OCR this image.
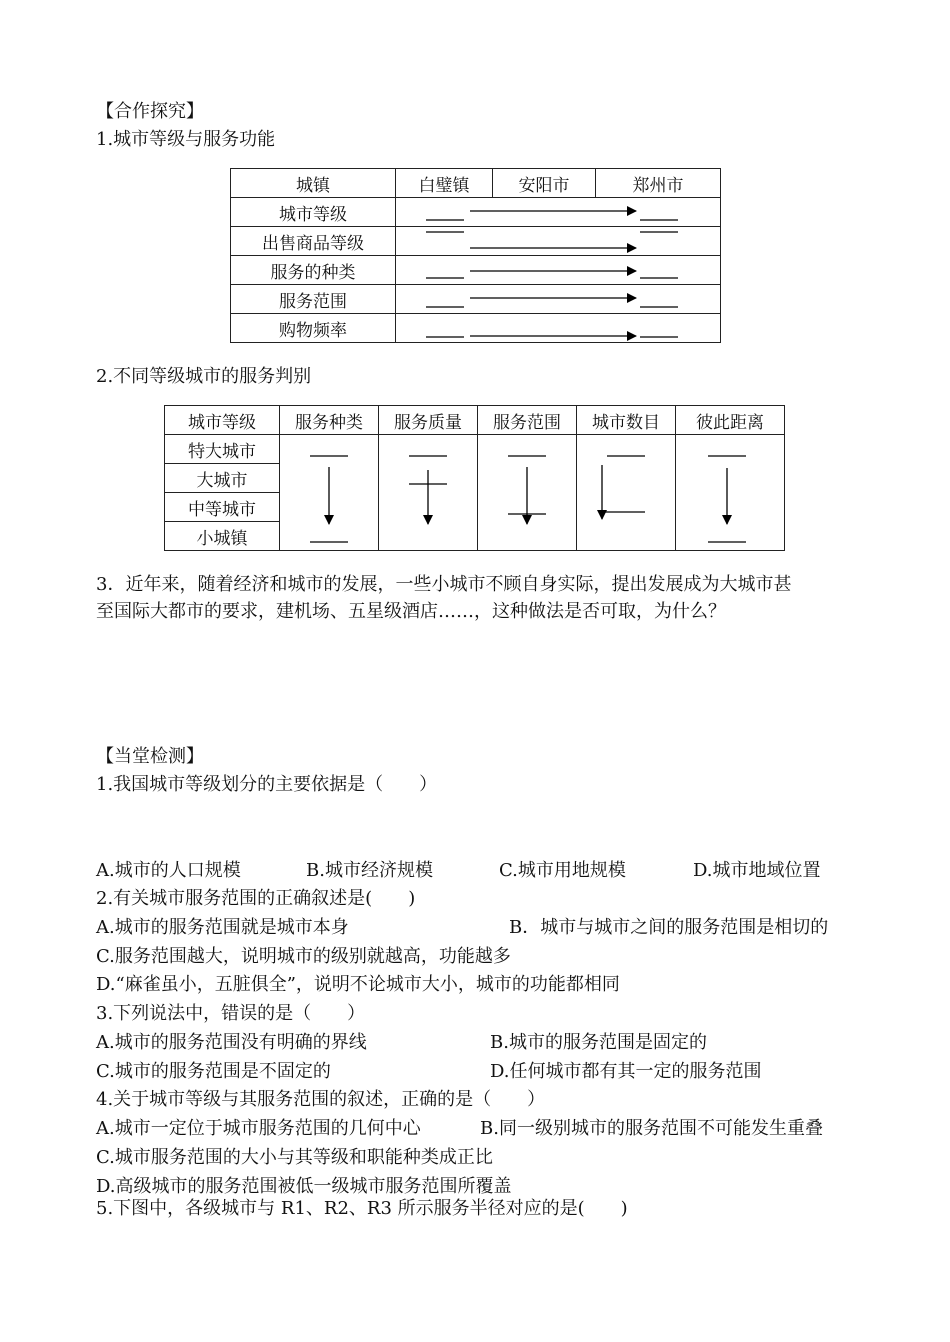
【合作探究】
1.城市等级与服务功能
城镇	白璧镇	安阳市	郑州市
城市等级			
出售商品等级			
服务的种类			
服务范围			
购物频率			
2.不同等级城市的服务判别
城市等级	服务种类	服务质量	服务范围	城市数目	彼此距离
特大城市					
大城市					
中等城市					
小城镇					
3．近年来，随着经济和城市的发展，一些小城市不顾自身实际，提出发展成为大城市甚
至国际大都市的要求，建机场、五星级酒店……，这种做法是否可取，为什么？
【当堂检测】
1.我国城市等级划分的主要依据是（　　）
A.城市的人口规模	B.城市经济规模	C.城市用地规模	D.城市地域位置
2.有关城市服务范围的正确叙述是(　　)
A.城市的服务范围就是城市本身	B．城市与城市之间的服务范围是相切的
C.服务范围越大，说明城市的级别就越高，功能越多
D.“麻雀虽小，五脏俱全”，说明不论城市大小，城市的功能都相同
3.下列说法中，错误的是（　　）
A.城市的服务范围没有明确的界线	B.城市的服务范围是固定的
C.城市的服务范围是不固定的	D.任何城市都有其一定的服务范围
4.关于城市等级与其服务范围的叙述，正确的是（　　）
A.城市一定位于城市服务范围的几何中心	B.同一级别城市的服务范围不可能发生重叠
C.城市服务范围的大小与其等级和职能种类成正比
D.高级城市的服务范围被低一级城市服务范围所覆盖
5.下图中，各级城市与 R1、R2、R3 所示服务半径对应的是(　　)
